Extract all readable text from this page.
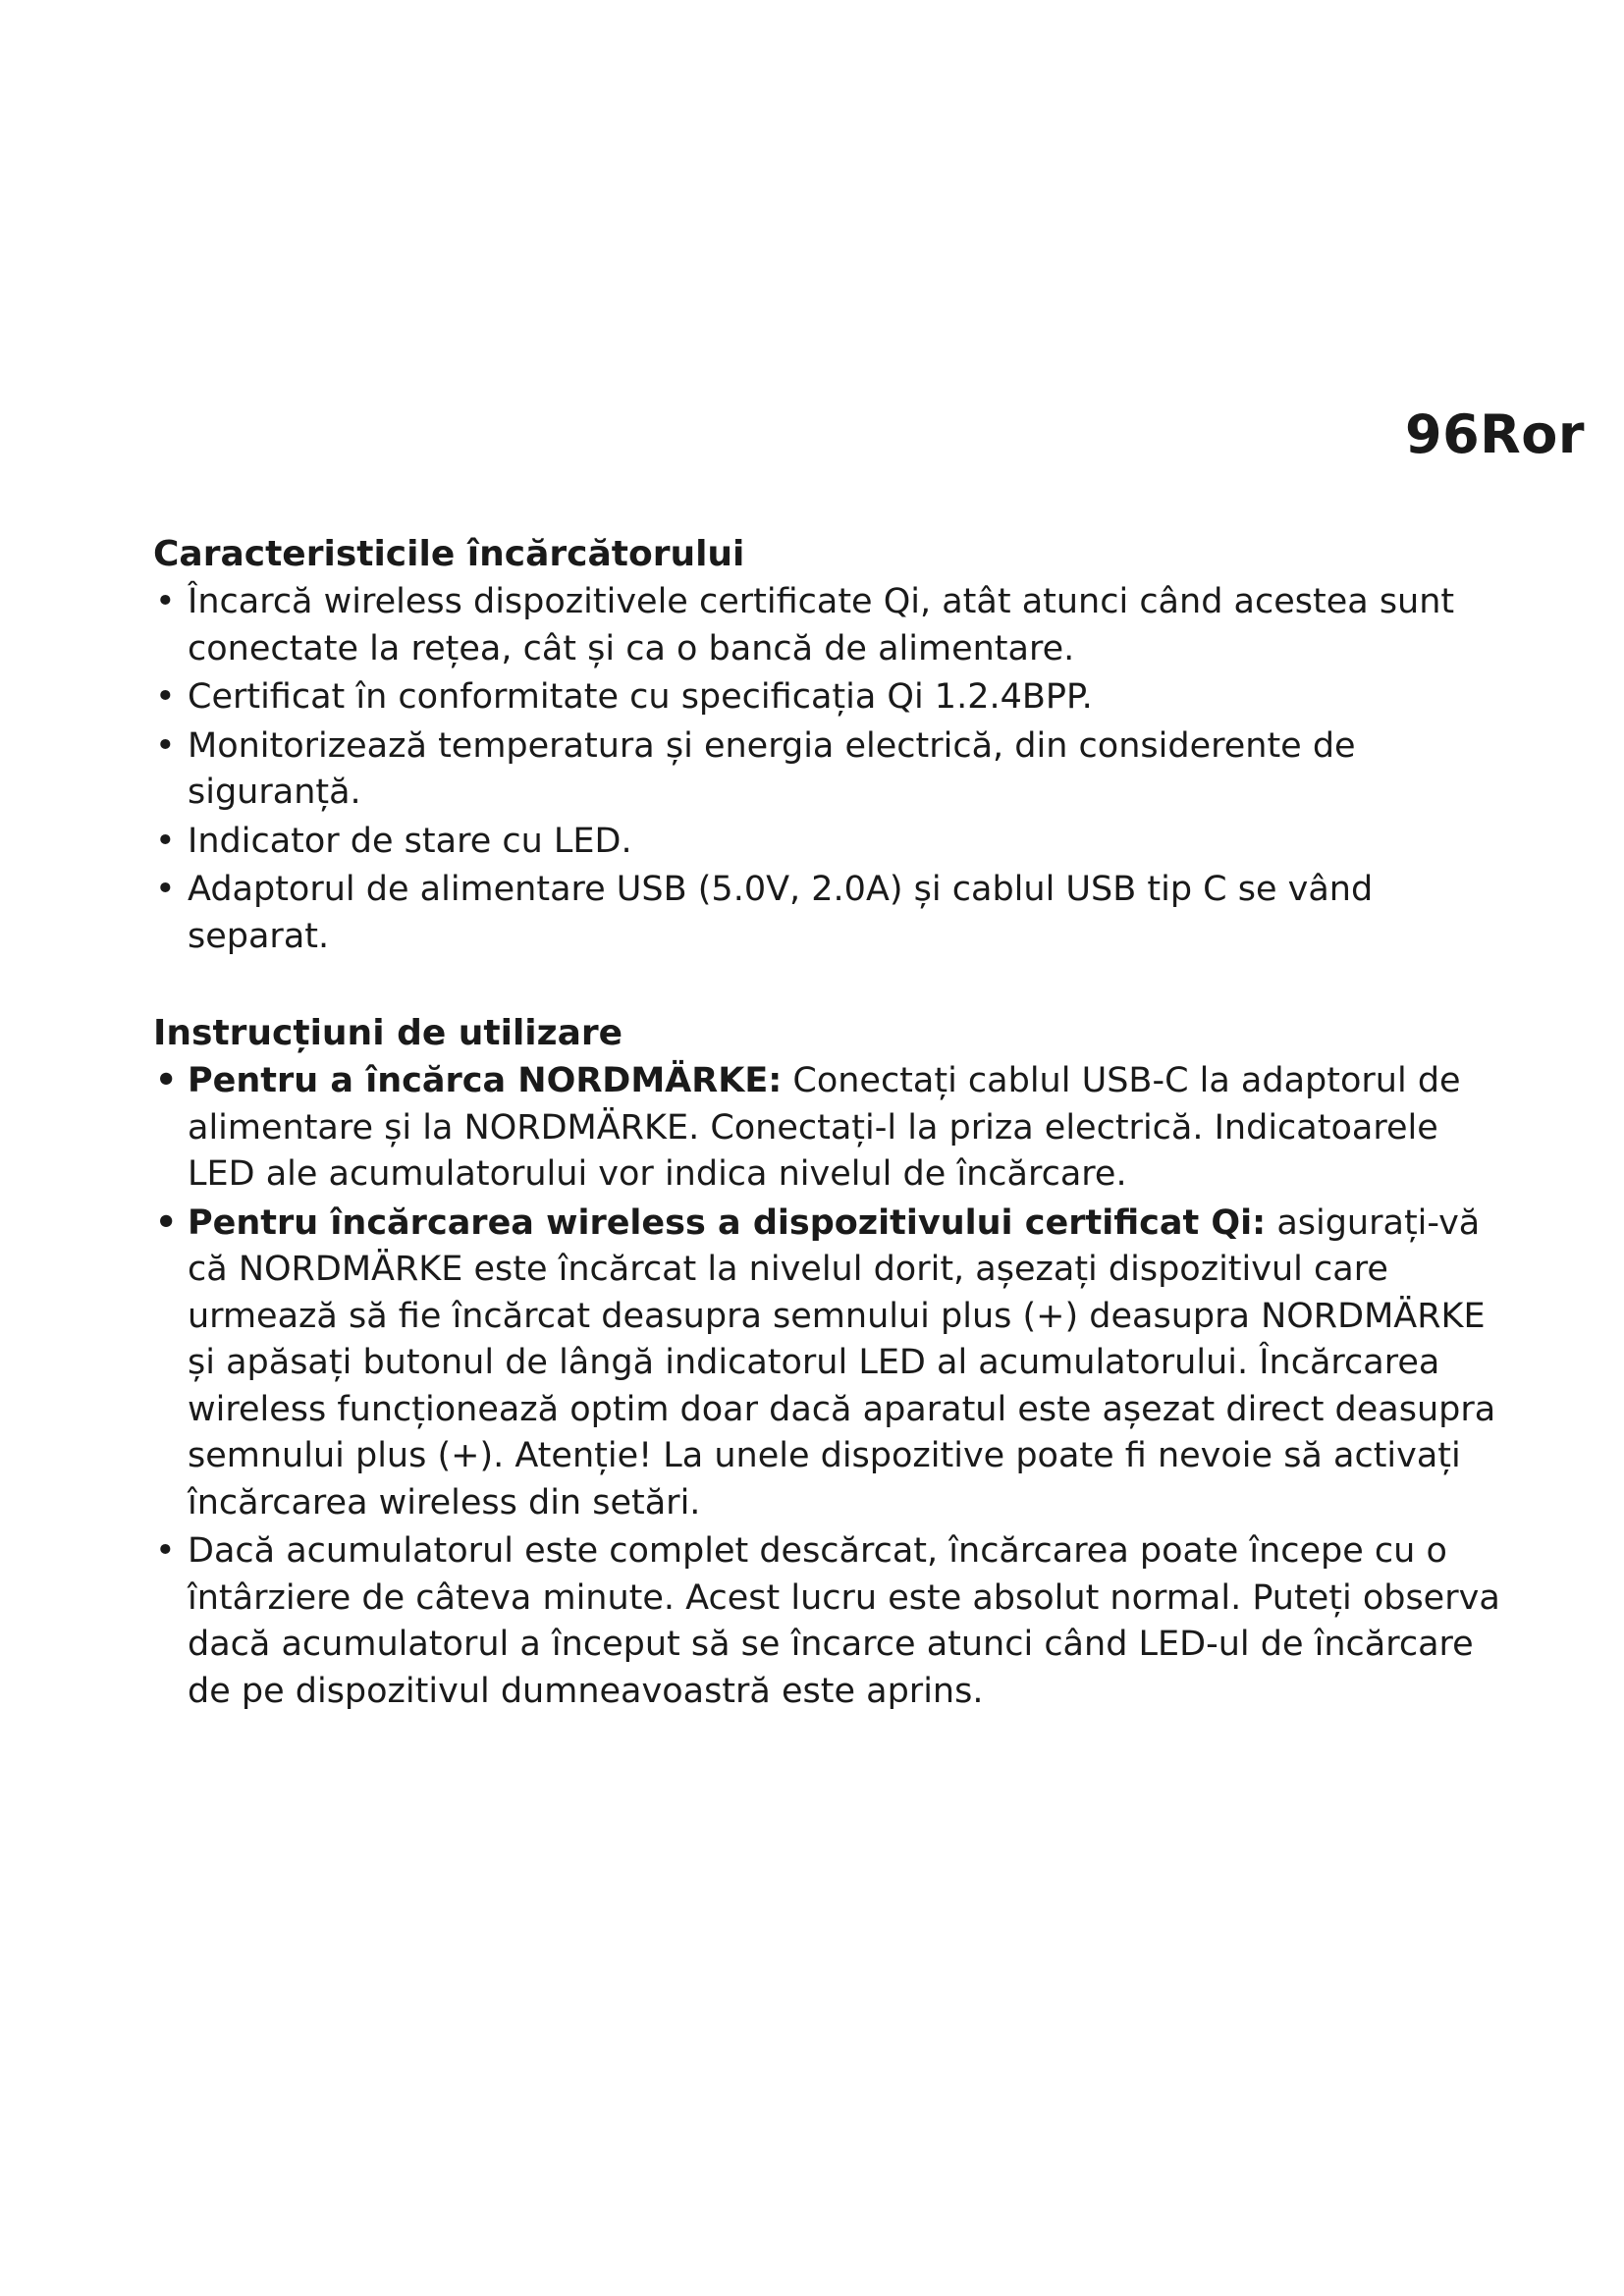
96Ror
Caracteristicile încărcătorului
• Încarcă wireless dispozitivele certificate Qi, atât atunci când acestea sunt conectate la rețea, cât și ca o bancă de alimentare.
• Certificat în conformitate cu specificația Qi 1.2.4BPP.
• Monitorizează temperatura și energia electrică, din considerente de siguranță.
• Indicator de stare cu LED.
• Adaptorul de alimentare USB (5.0V, 2.0A) și cablul USB tip C se vând separat.
Instrucțiuni de utilizare
• Pentru a încărca NORDMÄRKE: Conectați cablul USB-C la adaptorul de alimentare și la NORDMÄRKE. Conectați-l la priza electrică. Indicatoarele LED ale acumulatorului vor indica nivelul de încărcare.
• Pentru încărcarea wireless a dispozitivului certificat Qi: asigurați-vă că NORDMÄRKE este încărcat la nivelul dorit, așezați dispozitivul care urmează să fie încărcat deasupra semnului plus (+) deasupra NORDMÄRKE și apăsați butonul de lângă indicatorul LED al acumulatorului. Încărcarea wireless funcționează optim doar dacă aparatul este așezat direct deasupra semnului plus (+). Atenție! La unele dispozitive poate fi nevoie să activați încărcarea wireless din setări.
• Dacă acumulatorul este complet descărcat, încărcarea poate începe cu o întârziere de câteva minute. Acest lucru este absolut normal. Puteți observa dacă acumulatorul a început să se încarce atunci când LED-ul de încărcare de pe dispozitivul dumneavoastră este aprins.
